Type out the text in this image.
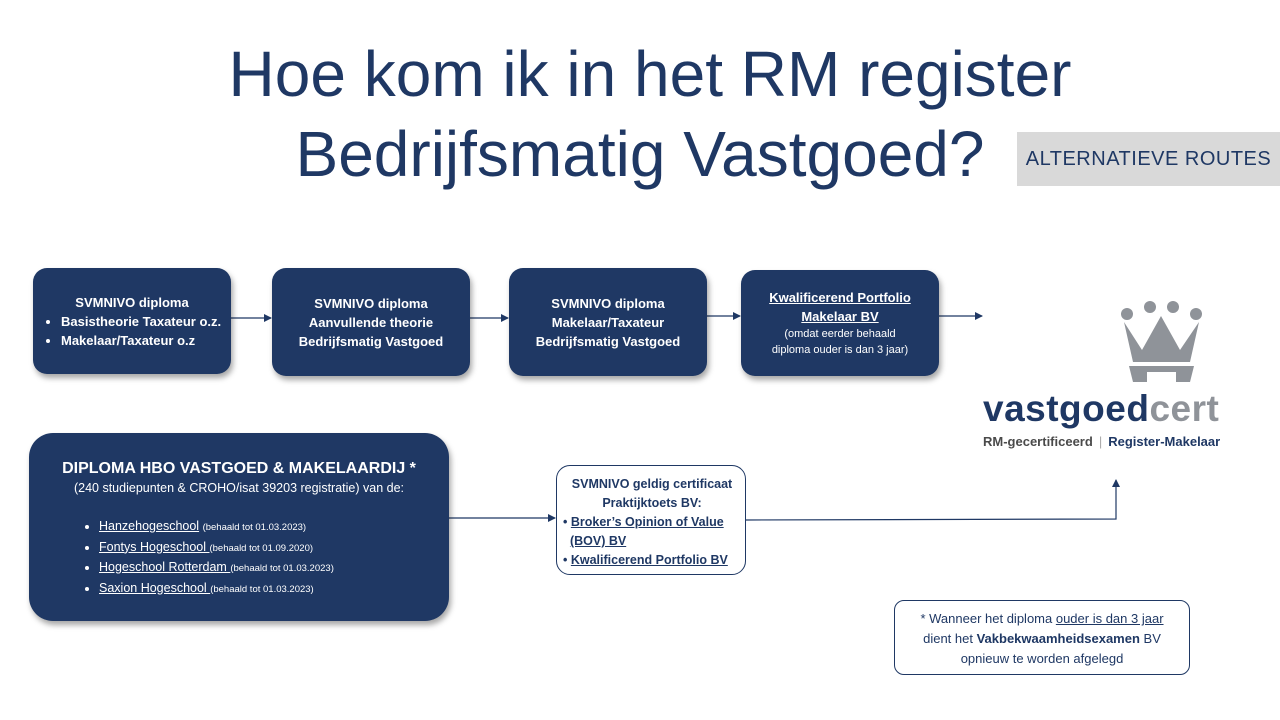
Hoe kom ik in het RM register
Bedrijfsmatig Vastgoed?	ALTERNATIEVE ROUTES
SVMNIVO diploma
• Basistheorie Taxateur o.z.
• Makelaar/Taxateur o.z
SVMNIVO diploma
Aanvullende theorie
Bedrijfsmatig Vastgoed
SVMNIVO diploma
Makelaar/Taxateur
Bedrijfsmatig Vastgoed
Kwalificerend Portfolio
Makelaar BV
(omdat eerder behaald
diploma ouder is dan 3 jaar)
DIPLOMA HBO VASTGOED & MAKELAARDIJ *
(240 studiepunten & CROHO/isat 39203 registratie) van de:
• Hanzehogeschool (behaald tot 01.03.2023)
• Fontys Hogeschool (behaald tot 01.09.2020)
• Hogeschool Rotterdam (behaald tot 01.03.2023)
• Saxion Hogeschool (behaald tot 01.03.2023)
SVMNIVO geldig certificaat
Praktijktoets BV:
• Broker’s Opinion of Value
(BOV) BV
• Kwalificerend Portfolio BV
* Wanneer het diploma ouder is dan 3 jaar
dient het Vakbekwaamheidsexamen BV
opnieuw te worden afgelegd
vastgoedcert
RM-gecertificeerd | Register-Makelaar
